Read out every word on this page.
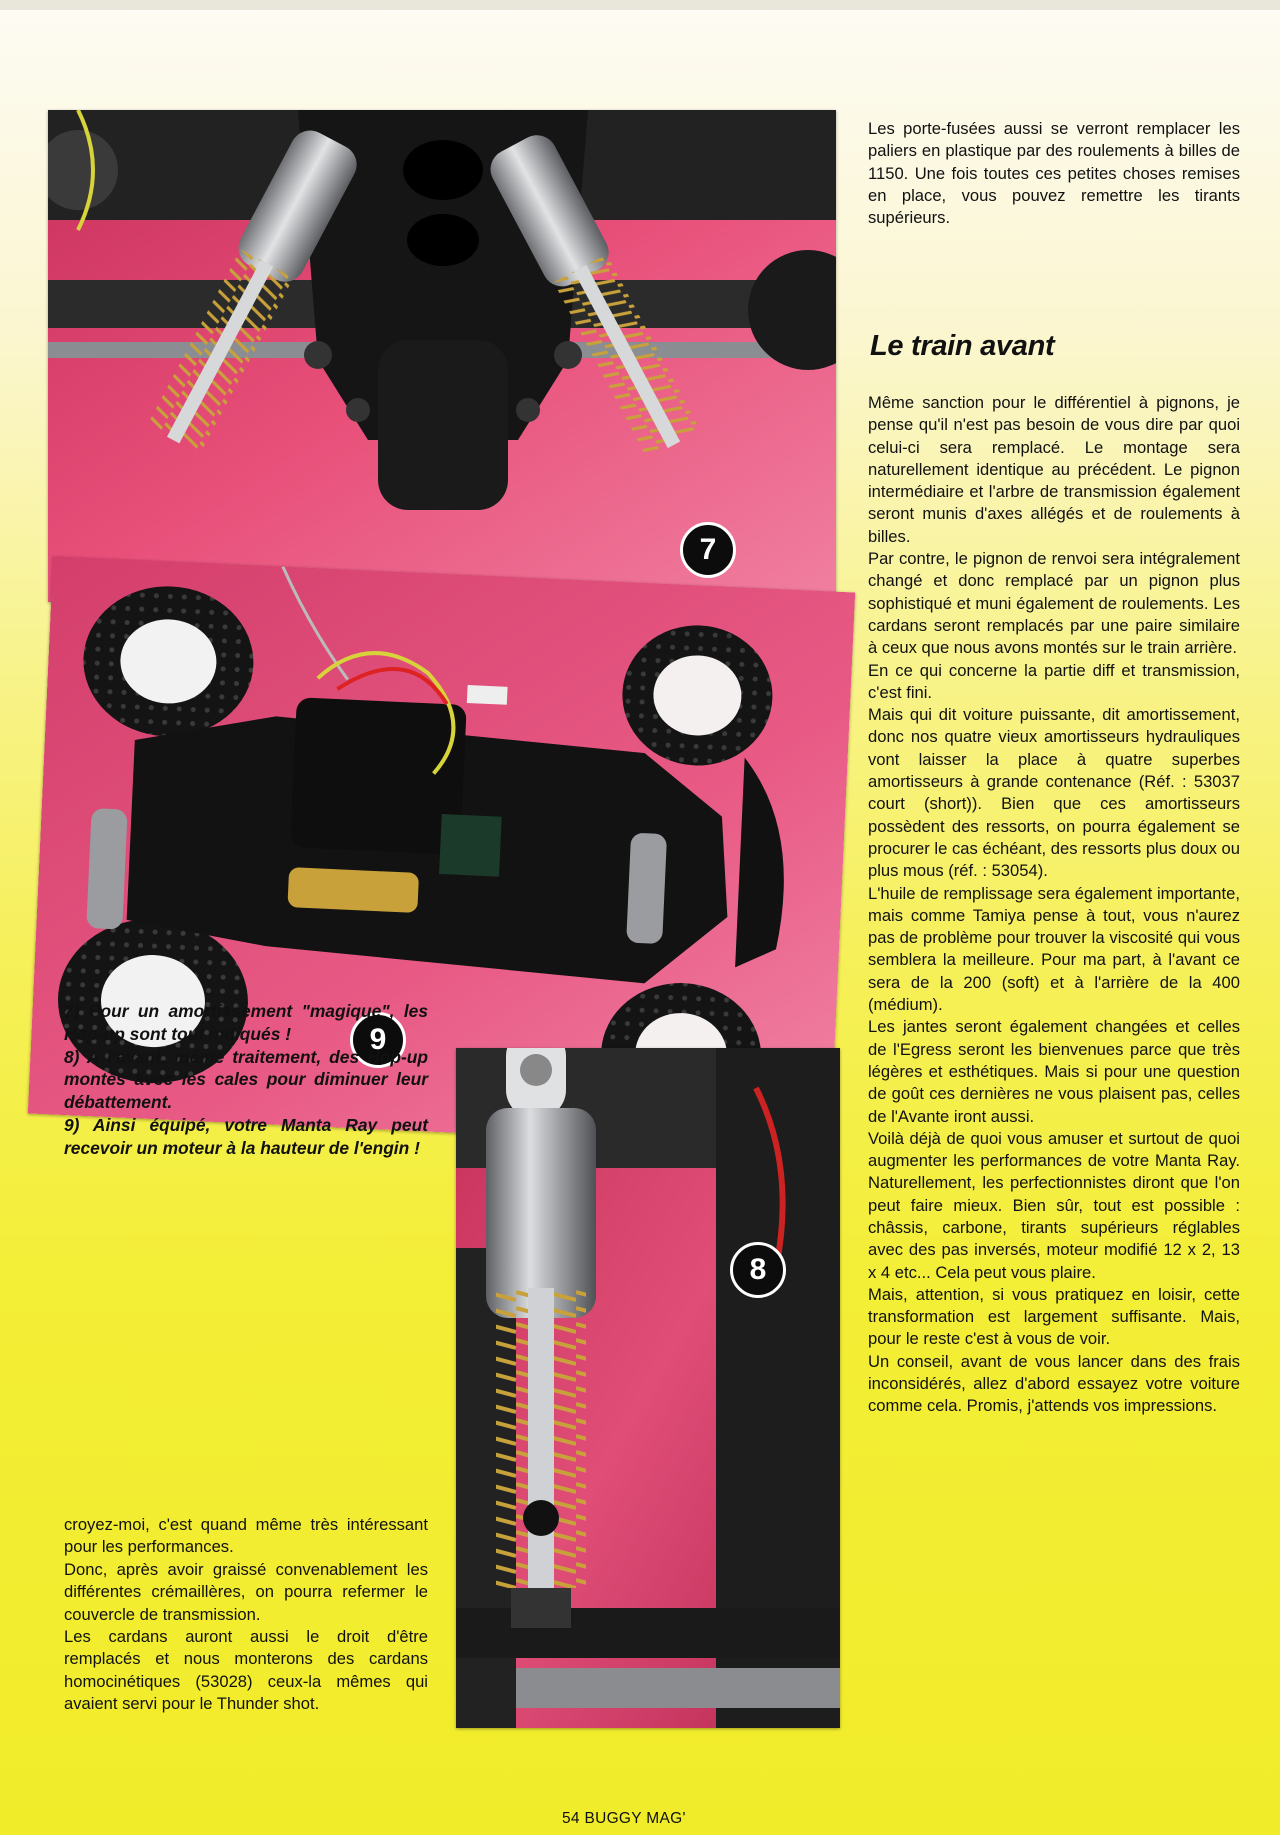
7
9
8

Les porte-fusées aussi se verront remplacer les paliers en plastique par des roulements à billes de 1150. Une fois toutes ces petites choses remises en place, vous pouvez remettre les tirants supérieurs.

Le train avant

Même sanction pour le différentiel à pignons, je pense qu'il n'est pas besoin de vous dire par quoi celui-ci sera remplacé. Le montage sera naturellement identique au précédent. Le pignon intermédiaire et l'arbre de transmission également seront munis d'axes allégés et de roulements à billes.

Par contre, le pignon de renvoi sera intégralement changé et donc remplacé par un pignon plus sophistiqué et muni également de roulements. Les cardans seront remplacés par une paire similaire à ceux que nous avons montés sur le train arrière.

En ce qui concerne la partie diff et transmission, c'est fini.

Mais qui dit voiture puissante, dit amortissement, donc nos quatre vieux amortisseurs hydrauliques vont laisser la place à quatre superbes amortisseurs à grande contenance (Réf. : 53037 court (short)). Bien que ces amortisseurs possèdent des ressorts, on pourra également se procurer le cas échéant, des ressorts plus doux ou plus mous (réf. : 53054).

L'huile de remplissage sera également importante, mais comme Tamiya pense à tout, vous n'aurez pas de problème pour trouver la viscosité qui vous semblera la meilleure. Pour ma part, à l'avant ce sera de la 200 (soft) et à l'arrière de la 400 (médium).

Les jantes seront également changées et celles de l'Egress seront les bienvenues parce que très légères et esthétiques. Mais si pour une question de goût ces dernières ne vous plaisent pas, celles de l'Avante iront aussi.

Voilà déjà de quoi vous amuser et surtout de quoi augmenter les performances de votre Manta Ray. Naturellement, les perfectionnistes diront que l'on peut faire mieux. Bien sûr, tout est possible : châssis, carbone, tirants supérieurs réglables avec des pas inversés, moteur modifié 12 x 2, 13 x 4 etc... Cela peut vous plaire.

Mais, attention, si vous pratiquez en loisir, cette transformation est largement suffisante. Mais, pour le reste c'est à vous de voir.

Un conseil, avant de vous lancer dans des frais inconsidérés, allez d'abord essayez votre voiture comme cela. Promis, j'attends vos impressions.

7) Pour un amortissement "magique", les Hop-up sont tout indiqués !

8) A l'avant, même traitement, des Hop-up montés avec les cales pour diminuer leur débattement.

9) Ainsi équipé, votre Manta Ray peut recevoir un moteur à la hauteur de l'engin !

croyez-moi, c'est quand même très intéressant pour les performances.

Donc, après avoir graissé convenablement les différentes crémaillères, on pourra refermer le couvercle de transmission.

Les cardans auront aussi le droit d'être remplacés et nous monterons des cardans homocinétiques (53028) ceux-la mêmes qui avaient servi pour le Thunder shot.

54 BUGGY MAG'
